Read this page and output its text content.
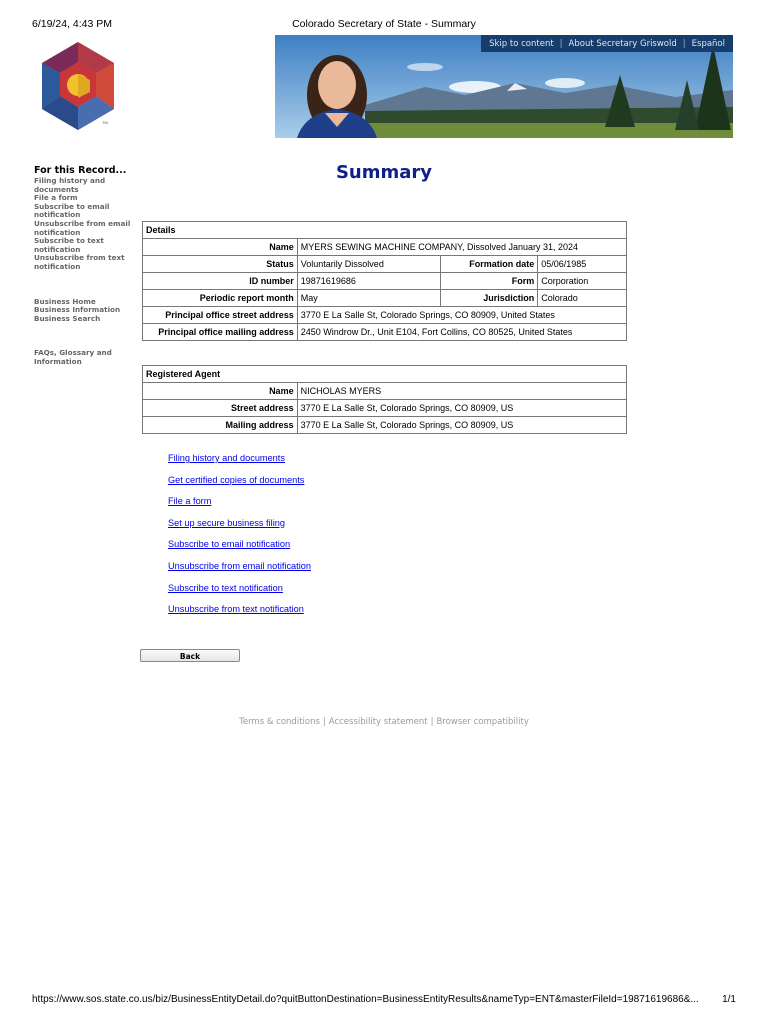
6/19/24, 4:43 PM	Colorado Secretary of State - Summary
TM
Skip to content | About Secretary Griswold | Español
For this Record...
Filing history and documents
File a form
Subscribe to email notification
Unsubscribe from email notification
Subscribe to text notification
Unsubscribe from text notification
Business Home
Business Information
Business Search
FAQs, Glossary and Information
Summary
Details			
Name	MYERS SEWING MACHINE COMPANY, Dissolved January 31, 2024		
Status	Voluntarily Dissolved	Formation date	05/06/1985
ID number	19871619686	Form	Corporation
Periodic report month	May	Jurisdiction	Colorado
Principal office street address	3770 E La Salle St, Colorado Springs, CO 80909, United States		
Principal office mailing address	2450 Windrow Dr., Unit E104, Fort Collins, CO 80525, United States		
Registered Agent	
Name	NICHOLAS MYERS
Street address	3770 E La Salle St, Colorado Springs, CO 80909, US
Mailing address	3770 E La Salle St, Colorado Springs, CO 80909, US
Filing history and documents
Get certified copies of documents
File a form
Set up secure business filing
Subscribe to email notification
Unsubscribe from email notification
Subscribe to text notification
Unsubscribe from text notification
Back
Terms & conditions | Accessibility statement | Browser compatibility
https://www.sos.state.co.us/biz/BusinessEntityDetail.do?quitButtonDestination=BusinessEntityResults&nameTyp=ENT&masterFileId=19871619686&...	1/1
